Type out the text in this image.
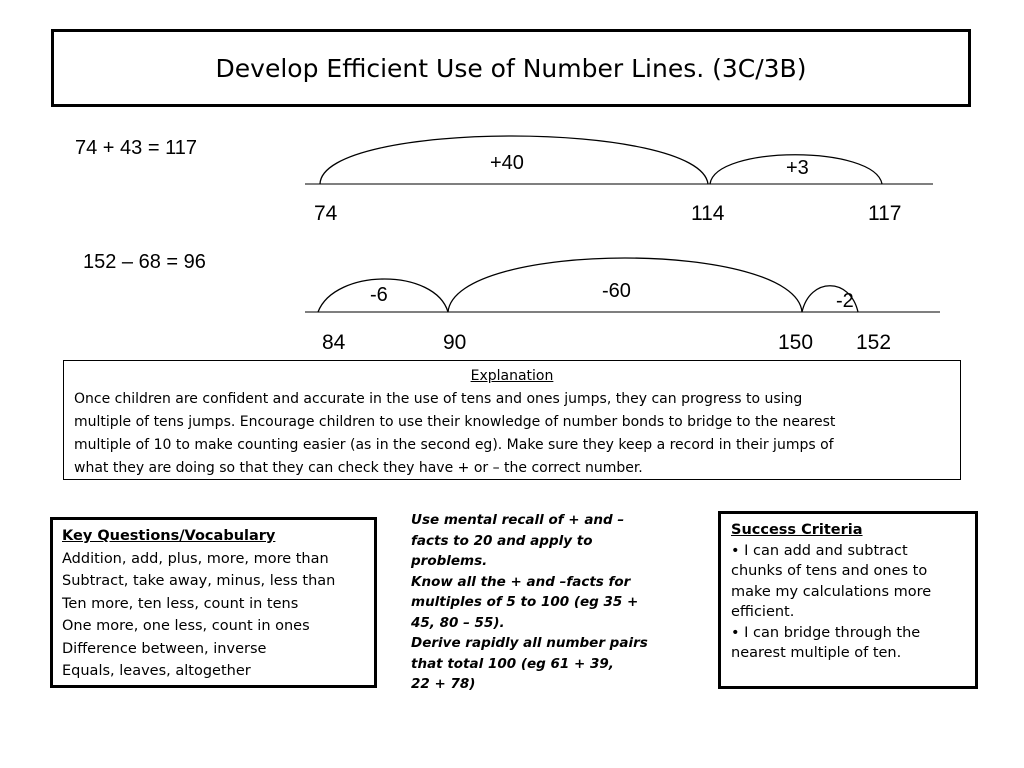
Develop Efficient Use of Number Lines. (3C/3B)
74 + 43 = 117
+40	+3
74	114	117
152 – 68 = 96
-6	-60	-2
84	90	150 152
Explanation
Once children are confident and accurate in the use of tens and ones jumps, they can progress to using
multiple of tens jumps. Encourage children to use their knowledge of number bonds to bridge to the nearest
multiple of 10 to make counting easier (as in the second eg). Make sure they keep a record in their jumps of
what they are doing so that they can check they have + or – the correct number.
Key Questions/Vocabulary
Addition, add, plus, more, more than
Subtract, take away, minus, less than
Ten more, ten less, count in tens
One more, one less, count in ones
Difference between, inverse
Equals, leaves, altogether
Use mental recall of + and –
facts to 20 and apply to
problems.
Know all the + and –facts for
multiples of 5 to 100 (eg 35 +
45, 80 – 55).
Derive rapidly all number pairs
that total 100 (eg 61 + 39,
22 + 78)
Success Criteria
• I can add and subtract
chunks of tens and ones to
make my calculations more
efficient.
• I can bridge through the
nearest multiple of ten.
